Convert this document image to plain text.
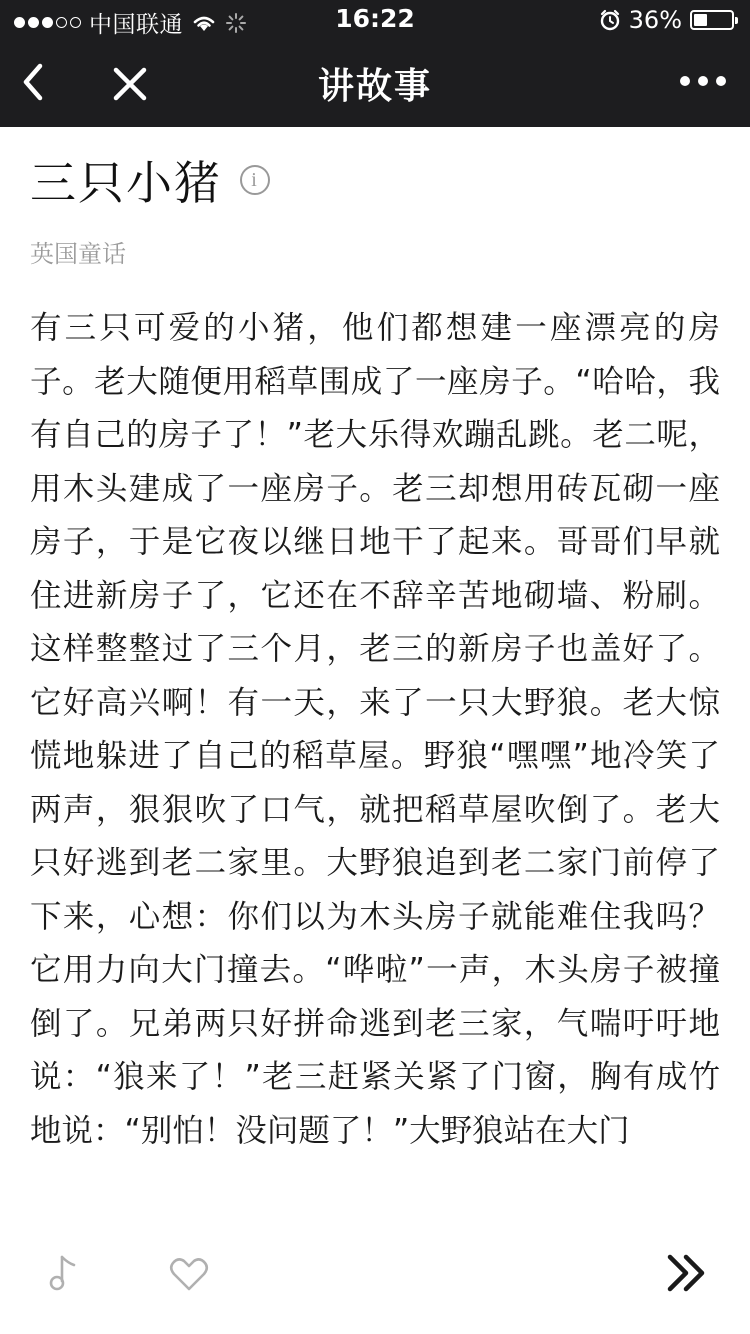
中国联通	16:22	36%
讲故事
三只小猪	i
英国童话
有三只可爱的小猪，他们都想建一座漂亮的房子。老大随便用稻草围成了一座房子。“哈哈，我有自己的房子了！”老大乐得欢蹦乱跳。老二呢，用木头建成了一座房子。老三却想用砖瓦砌一座房子，于是它夜以继日地干了起来。哥哥们早就住进新房子了，它还在不辞辛苦地砌墙、粉刷。这样整整过了三个月，老三的新房子也盖好了。它好高兴啊！有一天，来了一只大野狼。老大惊慌地躲进了自己的稻草屋。野狼“嘿嘿”地冷笑了两声，狠狠吹了口气，就把稻草屋吹倒了。老大只好逃到老二家里。大野狼追到老二家门前停了下来，心想：你们以为木头房子就能难住我吗？它用力向大门撞去。“哗啦”一声，木头房子被撞倒了。兄弟两只好拼命逃到老三家，气喘吁吁地说：“狼来了！”老三赶紧关紧了门窗，胸有成竹地说：“别怕！没问题了！”大野狼站在大门
